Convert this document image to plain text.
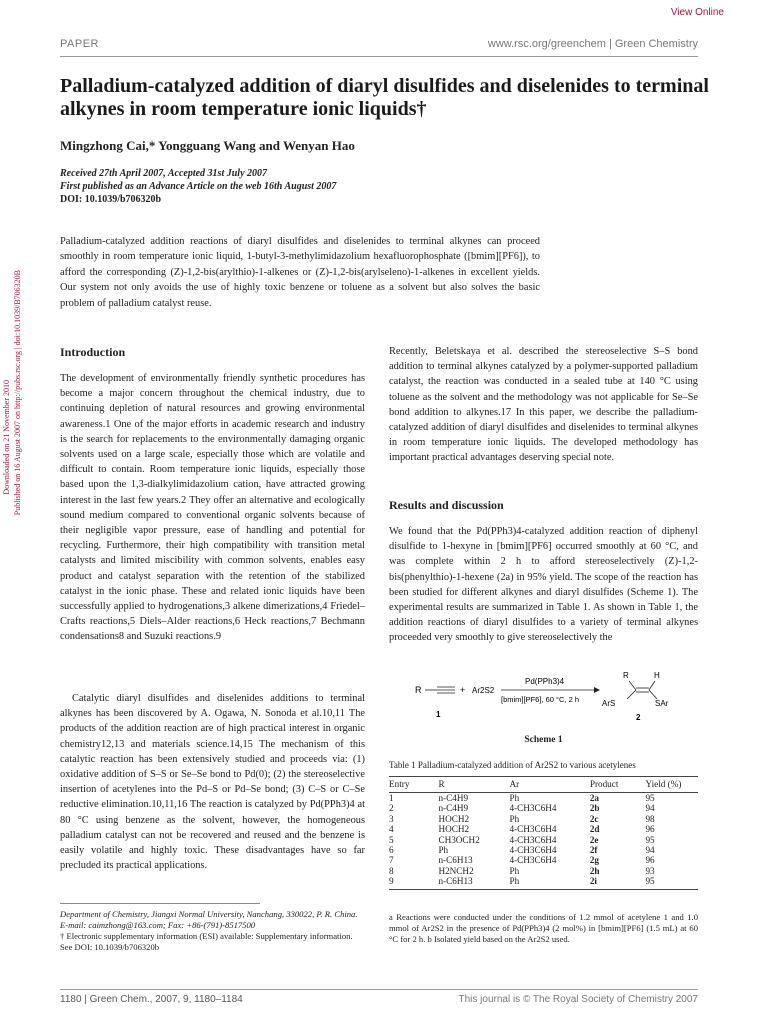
View Online
PAPER	www.rsc.org/greenchem | Green Chemistry
Palladium-catalyzed addition of diaryl disulfides and diselenides to terminal alkynes in room temperature ionic liquids†
Mingzhong Cai,* Yongguang Wang and Wenyan Hao
Received 27th April 2007, Accepted 31st July 2007
First published as an Advance Article on the web 16th August 2007
DOI: 10.1039/b706320b
Palladium-catalyzed addition reactions of diaryl disulfides and diselenides to terminal alkynes can proceed smoothly in room temperature ionic liquid, 1-butyl-3-methylimidazolium hexafluorophosphate ([bmim][PF6]), to afford the corresponding (Z)-1,2-bis(arylthio)-1-alkenes or (Z)-1,2-bis(arylseleno)-1-alkenes in excellent yields. Our system not only avoids the use of highly toxic benzene or toluene as a solvent but also solves the basic problem of palladium catalyst reuse.
Downloaded on 21 November 2010 Published on 16 August 2007 on http://pubs.rsc.org | doi:10.1039/B706320B	Introduction
The development of environmentally friendly synthetic procedures has become a major concern throughout the chemical industry, due to continuing depletion of natural resources and growing environmental awareness.1 One of the major efforts in academic research and industry is the search for replacements to the environmentally damaging organic solvents used on a large scale, especially those which are volatile and difficult to contain. Room temperature ionic liquids, especially those based upon the 1,3-dialkylimidazolium cation, have attracted growing interest in the last few years.2 They offer an alternative and ecologically sound medium compared to conventional organic solvents because of their negligible vapor pressure, ease of handling and potential for recycling. Furthermore, their high compatibility with transition metal catalysts and limited miscibility with common solvents, enables easy product and catalyst separation with the retention of the stabilized catalyst in the ionic phase. These and related ionic liquids have been successfully applied to hydrogenations,3 alkene dimerizations,4 Friedel–Crafts reactions,5 Diels–Alder reactions,6 Heck reactions,7 Bechmann condensations8 and Suzuki reactions.9
Catalytic diaryl disulfides and diselenides additions to terminal alkynes has been discovered by A. Ogawa, N. Sonoda et al.10,11 The products of the addition reaction are of high practical interest in organic chemistry12,13 and materials science.14,15 The mechanism of this catalytic reaction has been extensively studied and proceeds via: (1) oxidative addition of S–S or Se–Se bond to Pd(0); (2) the stereoselective insertion of acetylenes into the Pd–S or Pd–Se bond; (3) C–S or C–Se reductive elimination.10,11,16 The reaction is catalyzed by Pd(PPh3)4 at 80 °C using benzene as the solvent, however, the homogeneous palladium catalyst can not be recovered and reused and the benzene is easily volatile and highly toxic. These disadvantages have so far precluded its practical applications.
Department of Chemistry, Jiangxi Normal University, Nanchang, 330022, P. R. China. E-mail: caimzhong@163.com; Fax: +86-(791)-8517500
† Electronic supplementary information (ESI) available: Supplementary information. See DOI: 10.1039/b706320b
Recently, Beletskaya et al. described the stereoselective S–S bond addition to terminal alkynes catalyzed by a polymer-supported palladium catalyst, the reaction was conducted in a sealed tube at 140 °C using toluene as the solvent and the methodology was not applicable for Se–Se bond addition to alkynes.17 In this paper, we describe the palladium-catalyzed addition of diaryl disulfides and diselenides to terminal alkynes in room temperature ionic liquids. The developed methodology has important practical advantages deserving special note.
Results and discussion
We found that the Pd(PPh3)4-catalyzed addition reaction of diphenyl disulfide to 1-hexyne in [bmim][PF6] occurred smoothly at 60 °C, and was complete within 2 h to afford stereoselectively (Z)-1,2-bis(phenylthio)-1-hexene (2a) in 95% yield. The scope of the reaction has been studied for different alkynes and diaryl disulfides (Scheme 1). The experimental results are summarized in Table 1. As shown in Table 1, the addition reactions of diaryl disulfides to a variety of terminal alkynes proceeded very smoothly to give stereoselectively the
R	+ Ar2S2
Pd(PPh3)4
[bmim][PF6], 60 °C, 2 h
1
R	H
ArS	SAr
2
Scheme 1
Table 1 Palladium-catalyzed addition of Ar2S2 to various acetylenes
Entry	R	Ar	Product	Yield (%)
1	n-C4H9	Ph	2a	95
2	n-C4H9	4-CH3C6H4	2b	94
3	HOCH2	Ph	2c	98
4	HOCH2	4-CH3C6H4	2d	96
5	CH3OCH2	4-CH3C6H4	2e	95
6	Ph	4-CH3C6H4	2f	94
7	n-C6H13	4-CH3C6H4	2g	96
8	H2NCH2	Ph	2h	93
9	n-C6H13	Ph	2i	95
a Reactions were conducted under the conditions of 1.2 mmol of acetylene 1 and 1.0 mmol of Ar2S2 in the presence of Pd(PPh3)4 (2 mol%) in [bmim][PF6] (1.5 mL) at 60 °C for 2 h. b Isolated yield based on the Ar2S2 used.
1180 | Green Chem., 2007, 9, 1180–1184	This journal is © The Royal Society of Chemistry 2007
